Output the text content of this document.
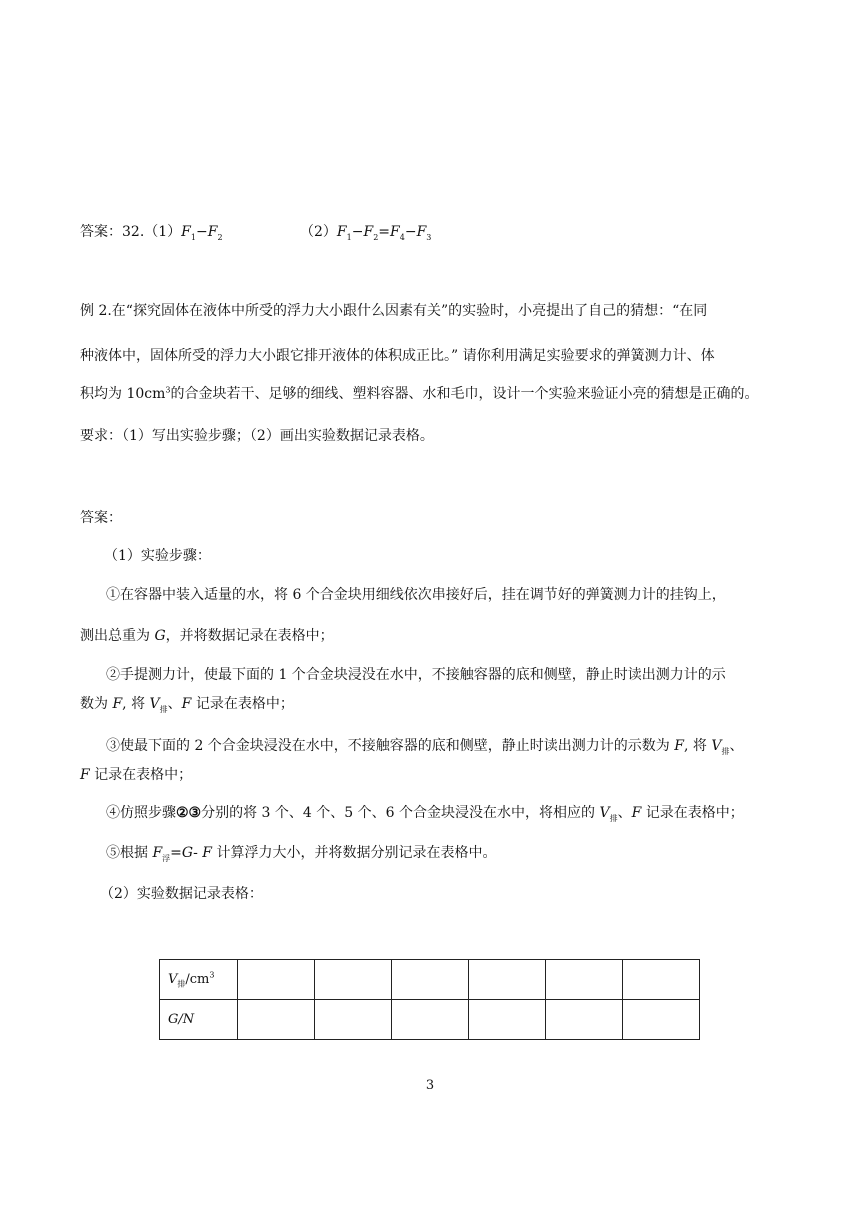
答案：$32.(1)F_1-F_2$	$(2)F_1-F_2=F_4-F_3$
例 2.在“探究固体在液体中所受的浮力大小跟什么因素有关”的实验时，小亮提出了自己的猜想：“在同
种液体中，固体所受的浮力大小跟它排开液体的体积成正比。” 请你利用满足实验要求的弹簧测力计、体
积均为 $10cm^3$的合金块若干、足够的细线、塑料容器、水和毛巾，设计一个实验来验证小亮的猜想是正确的。
要求：（1）写出实验步骤；（2）画出实验数据记录表格。
答案：
（1）实验步骤：
①在容器中装入适量的水，将 6 个合金块用细线依次串接好后，挂在调节好的弹簧测力计的挂钩上，
测出总重为 G，并将数据记录在表格中；
②手提测力计，使最下面的 1 个合金块浸没在水中，不接触容器的底和侧壁，静止时读出测力计的示
数为 F, 将 $V_排$、F 记录在表格中；
③使最下面的 2 个合金块浸没在水中，不接触容器的底和侧壁，静止时读出测力计的示数为 F, 将 $V_排$、
F 记录在表格中；
④仿照步骤②③分别的将 3 个、4 个、5 个、6 个合金块浸没在水中，将相应的 $V_排$、F 记录在表格中；
⑤根据 $F_浮=G-$ F 计算浮力大小，并将数据分别记录在表格中。
（2）实验数据记录表格：
$V_排/cm^3$						
G/N						
3
